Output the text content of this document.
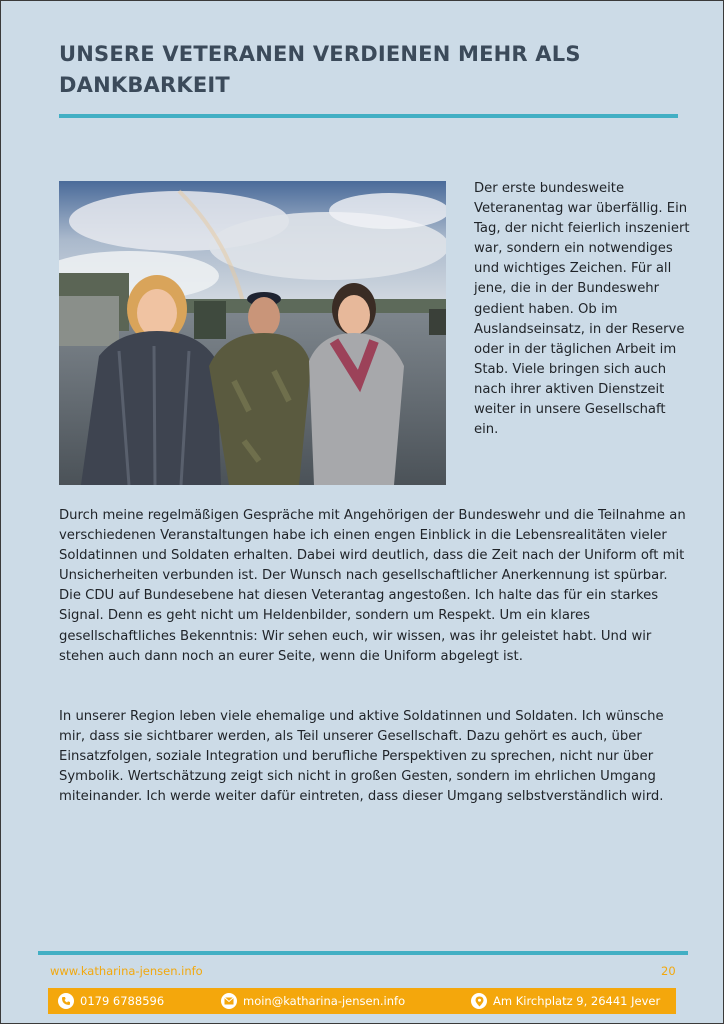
UNSERE VETERANEN VERDIENEN MEHR ALS DANKBARKEIT

Der erste bundesweite Veteranentag war überfällig. Ein Tag, der nicht feierlich inszeniert war, sondern ein notwendiges und wichtiges Zeichen. Für all jene, die in der Bundeswehr gedient haben. Ob im Auslandseinsatz, in der Reserve oder in der täglichen Arbeit im Stab. Viele bringen sich auch nach ihrer aktiven Dienstzeit weiter in unsere Gesellschaft ein.

Durch meine regelmäßigen Gespräche mit Angehörigen der Bundeswehr und die Teilnahme an verschiedenen Veranstaltungen habe ich einen engen Einblick in die Lebensrealitäten vieler Soldatinnen und Soldaten erhalten. Dabei wird deutlich, dass die Zeit nach der Uniform oft mit Unsicherheiten verbunden ist. Der Wunsch nach gesellschaftlicher Anerkennung ist spürbar. Die CDU auf Bundesebene hat diesen Veterantag angestoßen. Ich halte das für ein starkes Signal. Denn es geht nicht um Heldenbilder, sondern um Respekt. Um ein klares gesellschaftliches Bekenntnis: Wir sehen euch, wir wissen, was ihr geleistet habt. Und wir stehen auch dann noch an eurer Seite, wenn die Uniform abgelegt ist.

In unserer Region leben viele ehemalige und aktive Soldatinnen und Soldaten. Ich wünsche mir, dass sie sichtbarer werden, als Teil unserer Gesellschaft. Dazu gehört es auch, über Einsatzfolgen, soziale Integration und berufliche Perspektiven zu sprechen, nicht nur über Symbolik. Wertschätzung zeigt sich nicht in großen Gesten, sondern im ehrlichen Umgang miteinander. Ich werde weiter dafür eintreten, dass dieser Umgang selbstverständlich wird.

www.katharina-jensen.info	20
0179 6788596	moin@katharina-jensen.info	Am Kirchplatz 9, 26441 Jever
